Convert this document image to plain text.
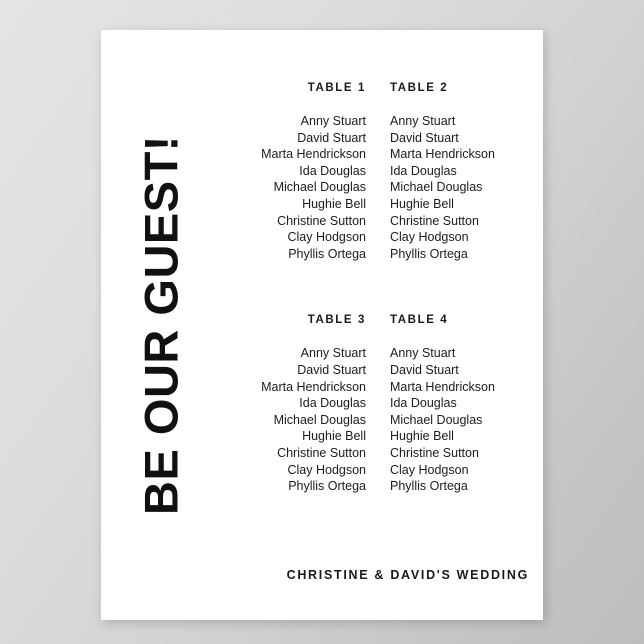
BE OUR GUEST!
TABLE 1
Anny Stuart
David Stuart
Marta Hendrickson
Ida Douglas
Michael Douglas
Hughie Bell
Christine Sutton
Clay Hodgson
Phyllis Ortega
TABLE 2
Anny Stuart
David Stuart
Marta Hendrickson
Ida Douglas
Michael Douglas
Hughie Bell
Christine Sutton
Clay Hodgson
Phyllis Ortega
TABLE 3
Anny Stuart
David Stuart
Marta Hendrickson
Ida Douglas
Michael Douglas
Hughie Bell
Christine Sutton
Clay Hodgson
Phyllis Ortega
TABLE 4
Anny Stuart
David Stuart
Marta Hendrickson
Ida Douglas
Michael Douglas
Hughie Bell
Christine Sutton
Clay Hodgson
Phyllis Ortega
CHRISTINE & DAVID'S WEDDING
